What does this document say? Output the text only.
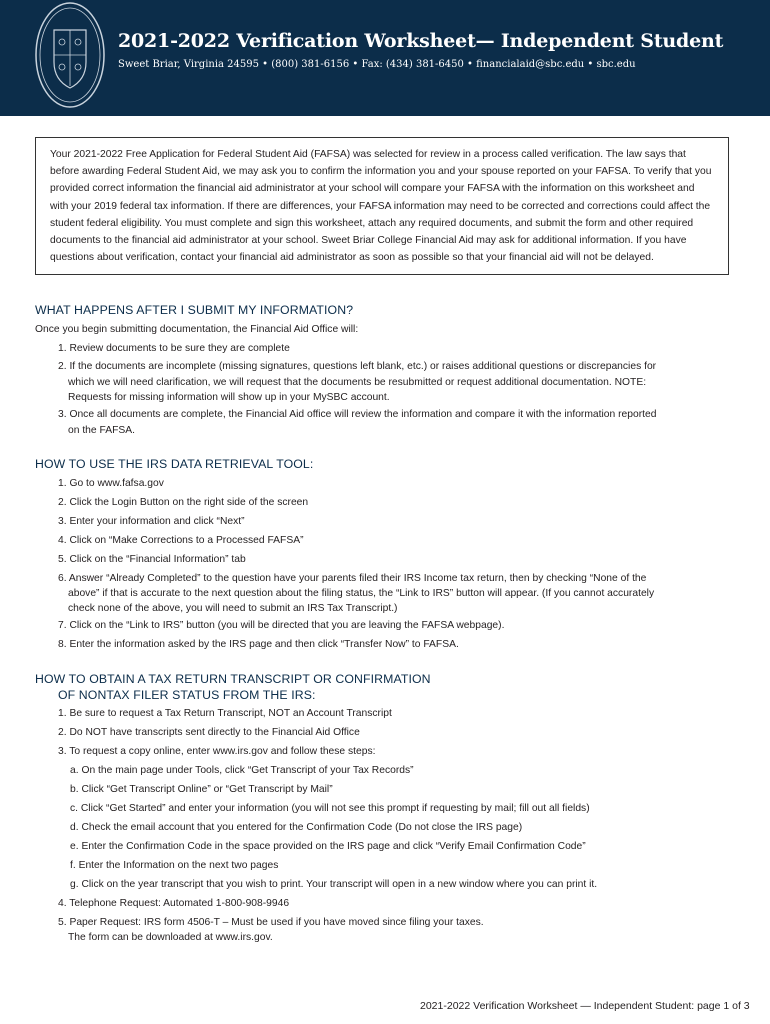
2021-2022 Verification Worksheet— Independent Student
Sweet Briar, Virginia 24595 • (800) 381-6156 • Fax: (434) 381-6450 • financialaid@sbc.edu • sbc.edu

Your 2021-2022 Free Application for Federal Student Aid (FAFSA) was selected for review in a process called verification. The law says that before awarding Federal Student Aid, we may ask you to confirm the information you and your spouse reported on your FAFSA. To verify that you provided correct information the financial aid administrator at your school will compare your FAFSA with the information on this worksheet and with your 2019 federal tax information. If there are differences, your FAFSA information may need to be corrected and corrections could affect the student federal eligibility. You must complete and sign this worksheet, attach any required documents, and submit the form and other required documents to the financial aid administrator at your school. Sweet Briar College Financial Aid may ask for additional information. If you have questions about verification, contact your financial aid administrator as soon as possible so that your financial aid will not be delayed.

WHAT HAPPENS AFTER I SUBMIT MY INFORMATION?
Once you begin submitting documentation, the Financial Aid Office will:
1. Review documents to be sure they are complete
2. If the documents are incomplete (missing signatures, questions left blank, etc.) or raises additional questions or discrepancies for
which we will need clarification, we will request that the documents be resubmitted or request additional documentation. NOTE:
Requests for missing information will show up in your MySBC account.
3. Once all documents are complete, the Financial Aid office will review the information and compare it with the information reported
on the FAFSA.
HOW TO USE THE IRS DATA RETRIEVAL TOOL:
1. Go to www.fafsa.gov
2. Click the Login Button on the right side of the screen
3. Enter your information and click “Next”
4. Click on “Make Corrections to a Processed FAFSA”
5. Click on the “Financial Information” tab
6. Answer “Already Completed” to the question have your parents filed their IRS Income tax return, then by checking “None of the
above” if that is accurate to the next question about the filing status, the “Link to IRS” button will appear. (If you cannot accurately
check none of the above, you will need to submit an IRS Tax Transcript.)
7. Click on the “Link to IRS” button (you will be directed that you are leaving the FAFSA webpage).
8. Enter the information asked by the IRS page and then click “Transfer Now” to FAFSA.
HOW TO OBTAIN A TAX RETURN TRANSCRIPT OR CONFIRMATION
OF NONTAX FILER STATUS FROM THE IRS:
1. Be sure to request a Tax Return Transcript, NOT an Account Transcript
2. Do NOT have transcripts sent directly to the Financial Aid Office
3. To request a copy online, enter www.irs.gov and follow these steps:
a. On the main page under Tools, click “Get Transcript of your Tax Records”
b. Click “Get Transcript Online” or “Get Transcript by Mail”
c. Click “Get Started” and enter your information (you will not see this prompt if requesting by mail; fill out all fields)
d. Check the email account that you entered for the Confirmation Code (Do not close the IRS page)
e. Enter the Confirmation Code in the space provided on the IRS page and click “Verify Email Confirmation Code”
f. Enter the Information on the next two pages
g. Click on the year transcript that you wish to print. Your transcript will open in a new window where you can print it.
4. Telephone Request: Automated 1-800-908-9946
5. Paper Request: IRS form 4506-T – Must be used if you have moved since filing your taxes.
The form can be downloaded at www.irs.gov.
2021-2022 Verification Worksheet — Independent Student: page 1 of 3
